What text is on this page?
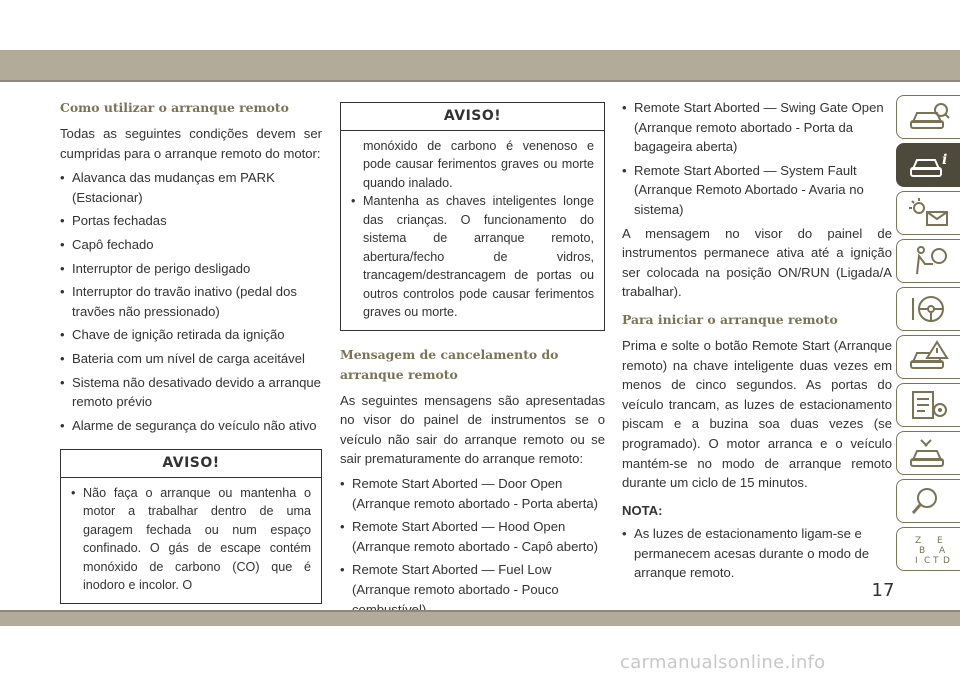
Como utilizar o arranque remoto

Todas as seguintes condições devem ser cumpridas para o arranque remoto do motor:

• Alavanca das mudanças em PARK (Estacionar)
• Portas fechadas
• Capô fechado
• Interruptor de perigo desligado
• Interruptor do travão inativo (pedal dos travões não pressionado)
• Chave de ignição retirada da ignição
• Bateria com um nível de carga aceitável
• Sistema não desativado devido a arranque remoto prévio
• Alarme de segurança do veículo não ativo
AVISO!
• Não faça o arranque ou mantenha o motor a trabalhar dentro de uma garagem fechada ou num espaço confinado. O gás de escape contém monóxido de carbono (CO) que é inodoro e incolor. O
AVISO!

monóxido de carbono é venenoso e pode causar ferimentos graves ou morte quando inalado.

• Mantenha as chaves inteligentes longe das crianças. O funcionamento do sistema de arranque remoto, abertura/fecho de vidros, trancagem/destrancagem de portas ou outros controlos pode causar ferimentos graves ou morte.
Mensagem de cancelamento do arranque remoto

As seguintes mensagens são apresentadas no visor do painel de instrumentos se o veículo não sair do arranque remoto ou se sair prematuramente do arranque remoto:

• Remote Start Aborted — Door Open (Arranque remoto abortado - Porta aberta)
• Remote Start Aborted — Hood Open (Arranque remoto abortado - Capô aberto)
• Remote Start Aborted — Fuel Low (Arranque remoto abortado - Pouco
• Remote Start Aborted — Swing Gate Open (Arranque remoto abortado - Porta da bagageira aberta)
• Remote Start Aborted — System Fault (Arranque Remoto Abortado - Avaria no sistema)

A mensagem no visor do painel de instrumentos permanece ativa até a ignição ser colocada na posição ON/RUN (Ligada/A trabalhar).

Para iniciar o arranque remoto

Prima e solte o botão Remote Start (Arranque remoto) na chave inteligente duas vezes em menos de cinco segundos. As portas do veículo trancam, as luzes de estacionamento piscam e a buzina soa duas vezes (se programado). O motor arranca e o veículo mantém-se no modo de arranque remoto durante um ciclo de 15 minutos.

NOTA:
• As luzes de estacionamento ligam-se e permanecem acesas durante o modo de arranque remoto.
i
Z E
B A
I C T D
17
carmanualsonline.info
